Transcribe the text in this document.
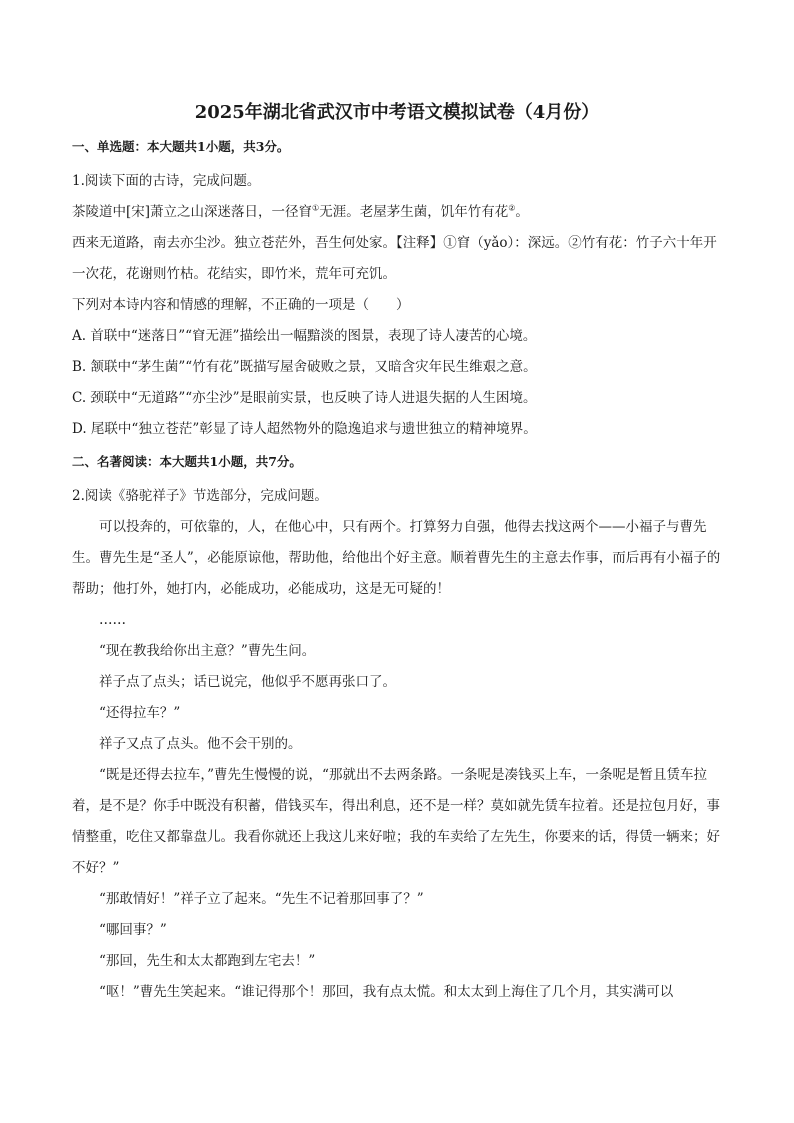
2025年湖北省武汉市中考语文模拟试卷（4月份）
一、单选题：本大题共1小题，共3分。

1.阅读下面的古诗，完成问题。

茶陵道中[宋]萧立之山深迷落日，一径窅①无涯。老屋茅生菌，饥年竹有花②。

西来无道路，南去亦尘沙。独立苍茫外，吾生何处家。【注释】①窅（yǎo）：深远。②竹有花：竹子六十年开一次花，花谢则竹枯。花结实，即竹米，荒年可充饥。

下列对本诗内容和情感的理解，不正确的一项是（　　）

A. 首联中“迷落日”“窅无涯”描绘出一幅黯淡的图景，表现了诗人凄苦的心境。

B. 颔联中“茅生菌”“竹有花”既描写屋舍破败之景，又暗含灾年民生维艰之意。

C. 颈联中“无道路”“亦尘沙”是眼前实景，也反映了诗人进退失据的人生困境。

D. 尾联中“独立苍茫”彰显了诗人超然物外的隐逸追求与遗世独立的精神境界。

二、名著阅读：本大题共1小题，共7分。

2.阅读《骆驼祥子》节选部分，完成问题。

可以投奔的，可依靠的，人，在他心中，只有两个。打算努力自强，他得去找这两个——小福子与曹先生。曹先生是“圣人”，必能原谅他，帮助他，给他出个好主意。顺着曹先生的主意去作事，而后再有小福子的帮助；他打外，她打内，必能成功，必能成功，这是无可疑的！

……

“现在教我给你出主意？”曹先生问。

祥子点了点头；话已说完，他似乎不愿再张口了。

“还得拉车？”

祥子又点了点头。他不会干别的。

“既是还得去拉车，”曹先生慢慢的说，“那就出不去两条路。一条呢是凑钱买上车，一条呢是暂且赁车拉着，是不是？你手中既没有积蓄，借钱买车，得出利息，还不是一样？莫如就先赁车拉着。还是拉包月好，事情整重，吃住又都靠盘儿。我看你就还上我这儿来好啦；我的车卖给了左先生，你要来的话，得赁一辆来；好不好？”

“那敢情好！”祥子立了起来。“先生不记着那回事了？”

“哪回事？”

“那回，先生和太太都跑到左宅去！”

“呕！”曹先生笑起来。“谁记得那个！那回，我有点太慌。和太太到上海住了几个月，其实满可以
